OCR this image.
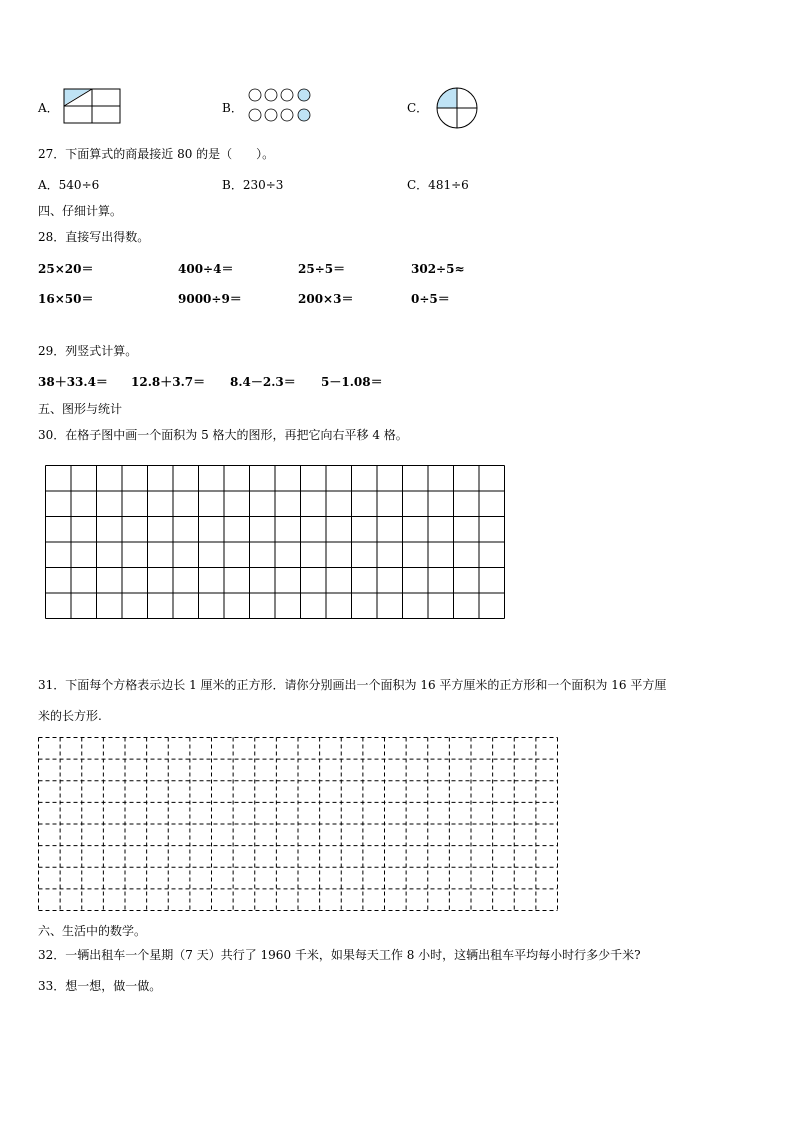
A．	B．	C．
27．下面算式的商最接近 80 的是（　　）。
A．540÷6	B．230÷3	C．481÷6
四、仔细计算。
28．直接写出得数。
25×20＝	400÷4＝	25÷5＝	302÷5≈
16×50＝	9000÷9＝	200×3＝	0÷5＝
29．列竖式计算。
38＋33.4＝ 12.8＋3.7＝ 8.4－2.3＝ 5－1.08＝
五、图形与统计
30．在格子图中画一个面积为 5 格大的图形，再把它向右平移 4 格。
31．下面每个方格表示边长 1 厘米的正方形．请你分别画出一个面积为 16 平方厘米的正方形和一个面积为 16 平方厘
米的长方形.
六、生活中的数学。
32．一辆出租车一个星期（7 天）共行了 1960 千米，如果每天工作 8 小时，这辆出租车平均每小时行多少千米?
33．想一想，做一做。
